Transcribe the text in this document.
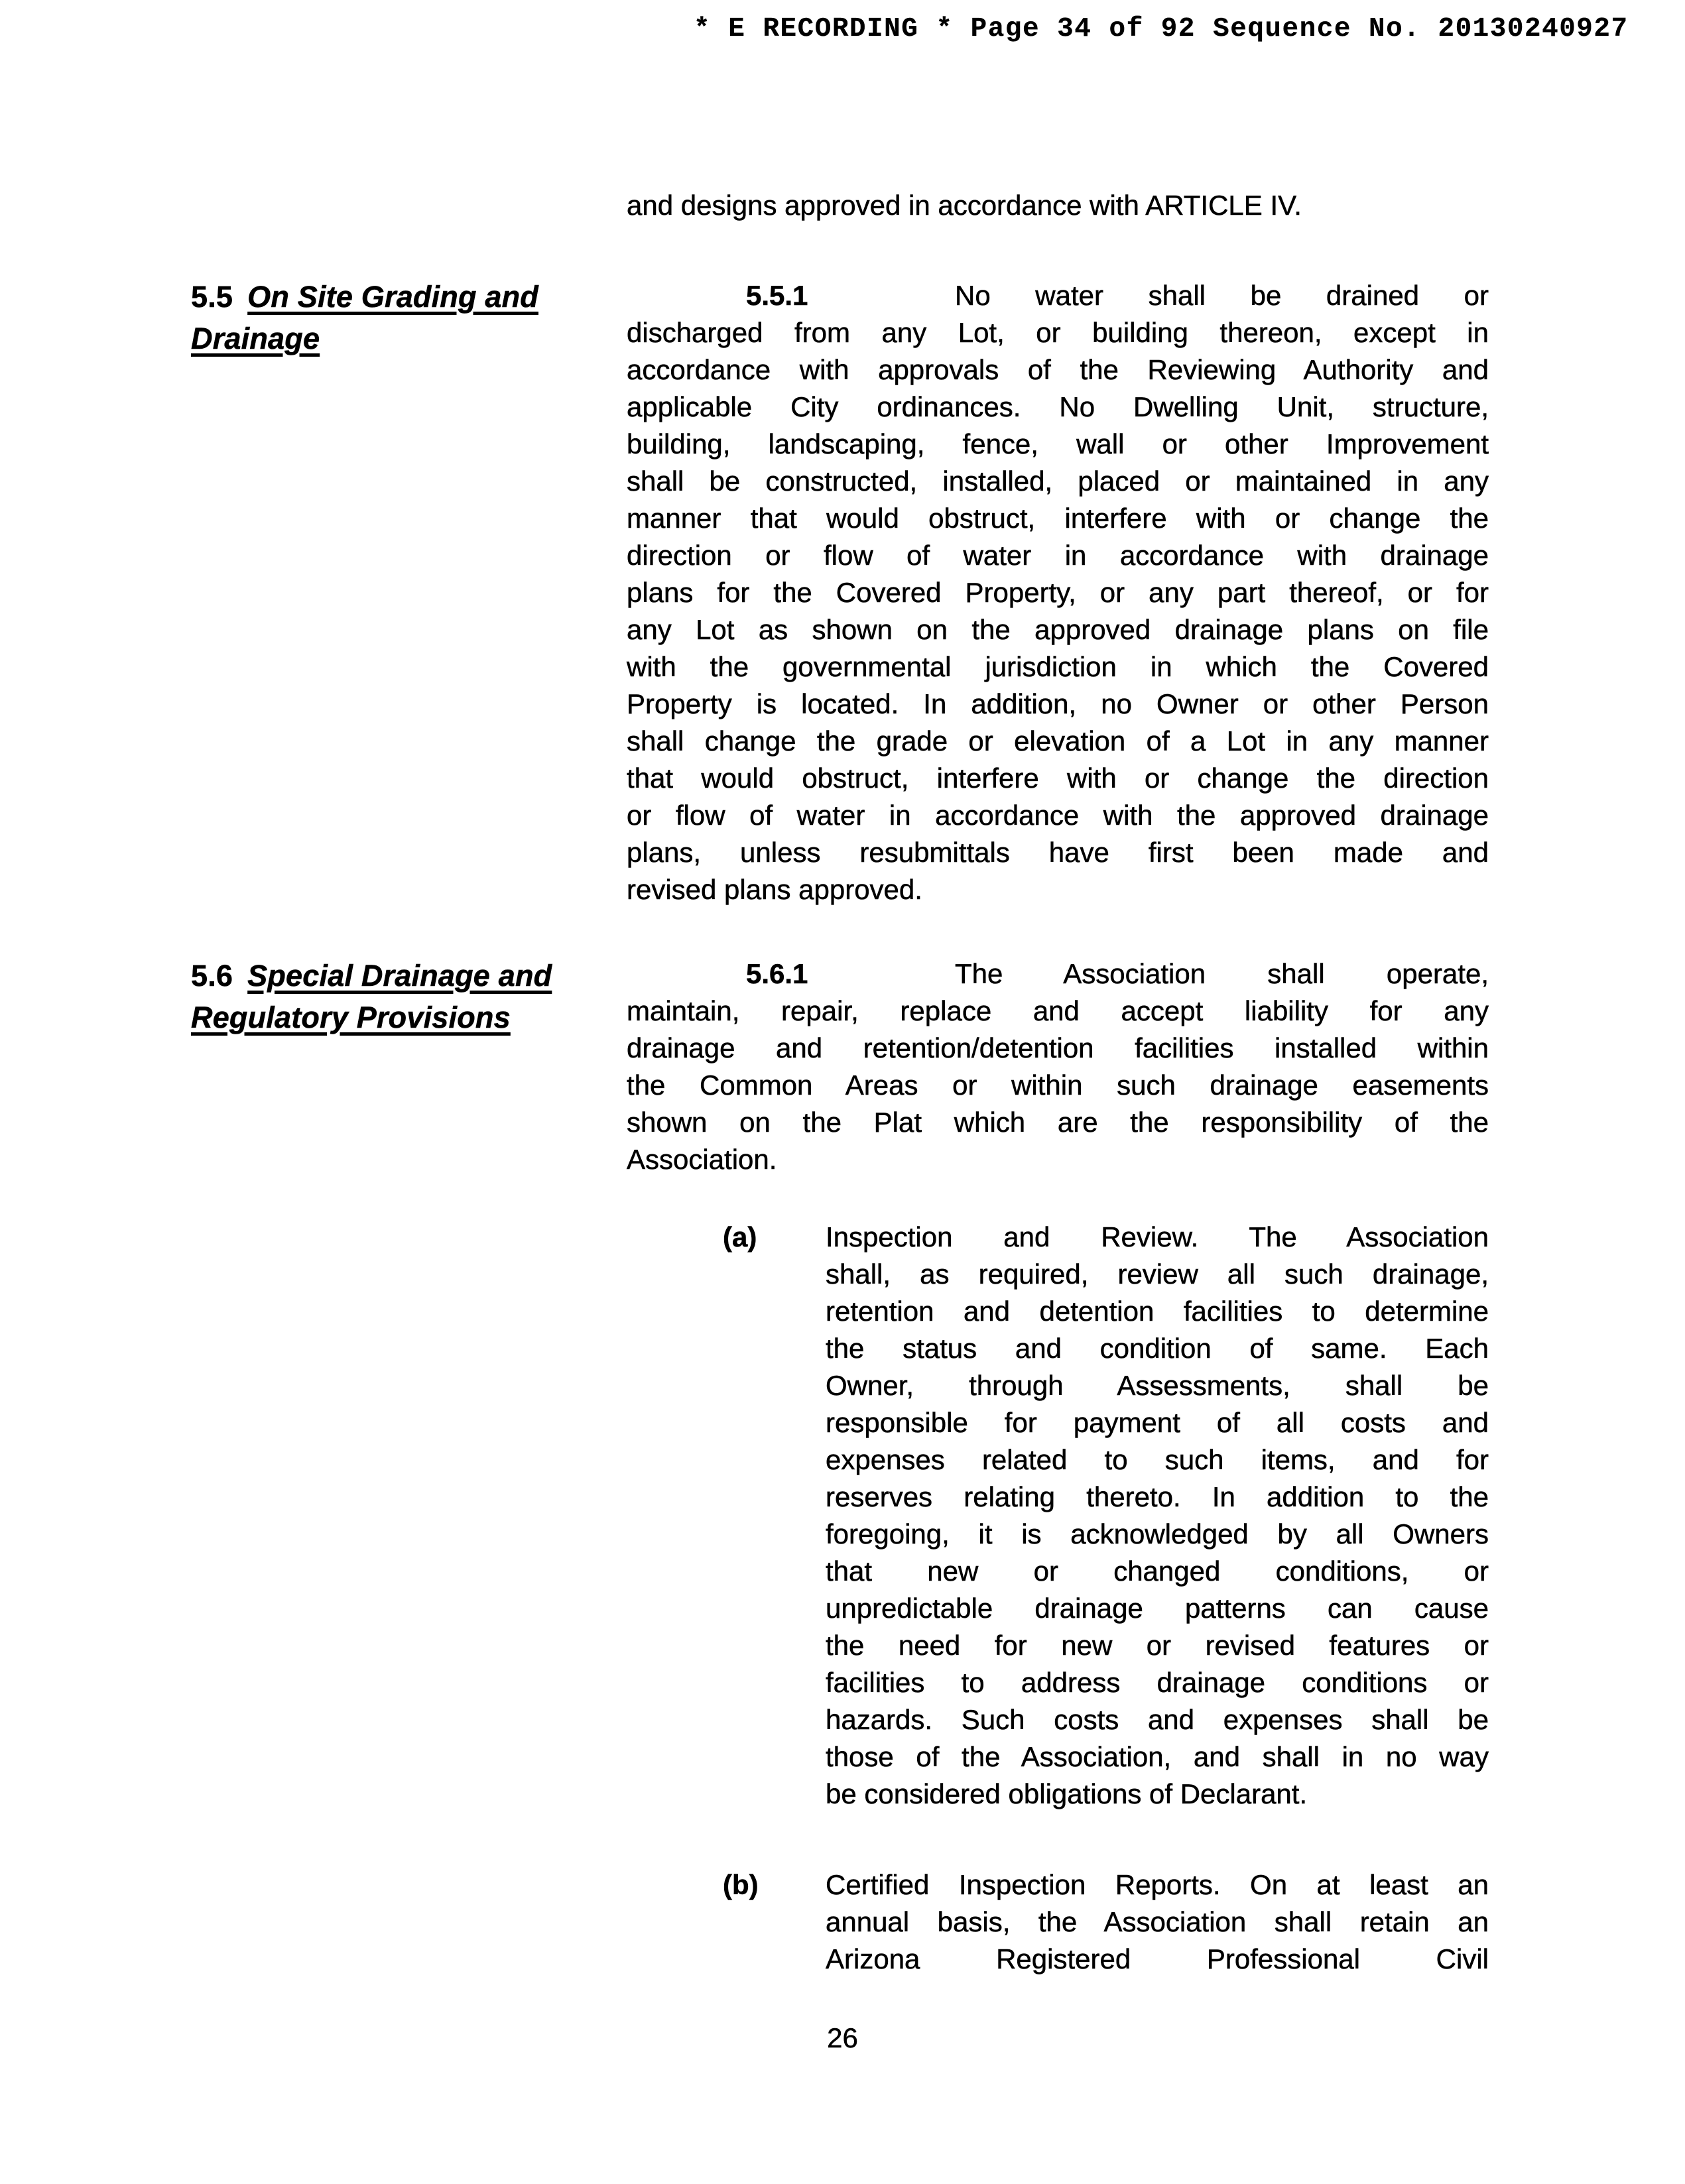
* E RECORDING * Page 34 of 92 Sequence No. 20130240927
and designs approved in accordance with ARTICLE IV.
5.5 On Site Grading and
Drainage
5.5.1	No water shall be drained or
discharged from any Lot, or building thereon, except in
accordance with approvals of the Reviewing Authority and
applicable City ordinances. No Dwelling Unit, structure,
building, landscaping, fence, wall or other Improvement
shall be constructed, installed, placed or maintained in any
manner that would obstruct, interfere with or change the
direction or flow of water in accordance with drainage
plans for the Covered Property, or any part thereof, or for
any Lot as shown on the approved drainage plans on file
with the governmental jurisdiction in which the Covered
Property is located. In addition, no Owner or other Person
shall change the grade or elevation of a Lot in any manner
that would obstruct, interfere with or change the direction
or flow of water in accordance with the approved drainage
plans, unless resubmittals have first been made and
revised plans approved.
5.6 Special Drainage and
Regulatory Provisions
5.6.1	The Association shall operate,
maintain, repair, replace and accept liability for any
drainage and retention/detention facilities installed within
the Common Areas or within such drainage easements
shown on the Plat which are the responsibility of the
Association.
(a)	Inspection and Review. The Association
shall, as required, review all such drainage,
retention and detention facilities to determine
the status and condition of same. Each
Owner, through Assessments, shall be
responsible for payment of all costs and
expenses related to such items, and for
reserves relating thereto. In addition to the
foregoing, it is acknowledged by all Owners
that new or changed conditions, or
unpredictable drainage patterns can cause
the need for new or revised features or
facilities to address drainage conditions or
hazards. Such costs and expenses shall be
those of the Association, and shall in no way
be considered obligations of Declarant.
(b)	Certified Inspection Reports. On at least an
annual basis, the Association shall retain an
Arizona Registered Professional Civil
26
